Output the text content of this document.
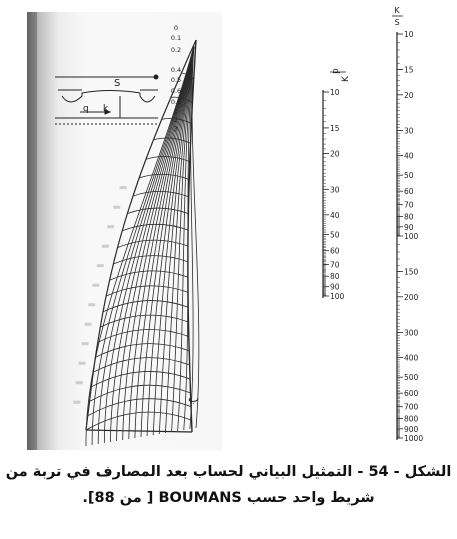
0
0.1
0.2
0.4
0.5
0.6
0.8
1
2
3
S
q k
ب
p
K
10
15
20
30
40
50
60
70
80
90
100
K
S
10
15
20
30
40
50
60
70
80
90
100
150
200
300
400
500
600
700
800
900
1000
الشكل - 54 - التمثيل البياني لحساب بعد المصارف في تربة من
شريط واحد حسب BOUMANS [ من 88].
